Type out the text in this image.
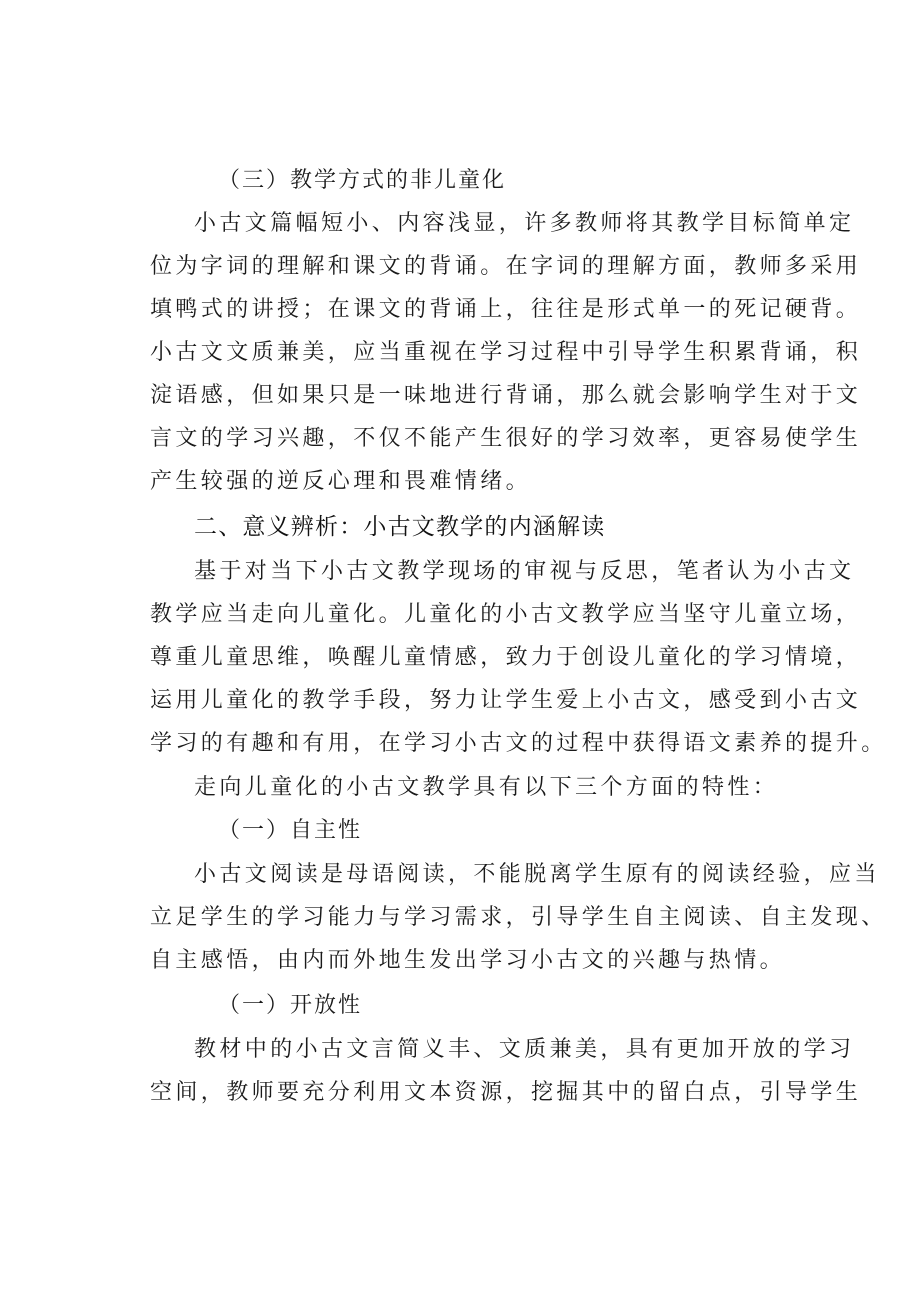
（三）教学方式的非儿童化
小古文篇幅短小、内容浅显，许多教师将其教学目标简单定
位为字词的理解和课文的背诵。在字词的理解方面，教师多采用
填鸭式的讲授；在课文的背诵上，往往是形式单一的死记硬背。
小古文文质兼美，应当重视在学习过程中引导学生积累背诵，积
淀语感，但如果只是一味地进行背诵，那么就会影响学生对于文
言文的学习兴趣，不仅不能产生很好的学习效率，更容易使学生
产生较强的逆反心理和畏难情绪。
二、意义辨析：小古文教学的内涵解读
基于对当下小古文教学现场的审视与反思，笔者认为小古文
教学应当走向儿童化。儿童化的小古文教学应当坚守儿童立场，
尊重儿童思维，唤醒儿童情感，致力于创设儿童化的学习情境，
运用儿童化的教学手段，努力让学生爱上小古文，感受到小古文
学习的有趣和有用，在学习小古文的过程中获得语文素养的提升。
走向儿童化的小古文教学具有以下三个方面的特性：
（一）自主性
小古文阅读是母语阅读，不能脱离学生原有的阅读经验，应当
立足学生的学习能力与学习需求，引导学生自主阅读、自主发现、
自主感悟，由内而外地生发出学习小古文的兴趣与热情。
（一）开放性
教材中的小古文言简义丰、文质兼美，具有更加开放的学习
空间，教师要充分利用文本资源，挖掘其中的留白点，引导学生
